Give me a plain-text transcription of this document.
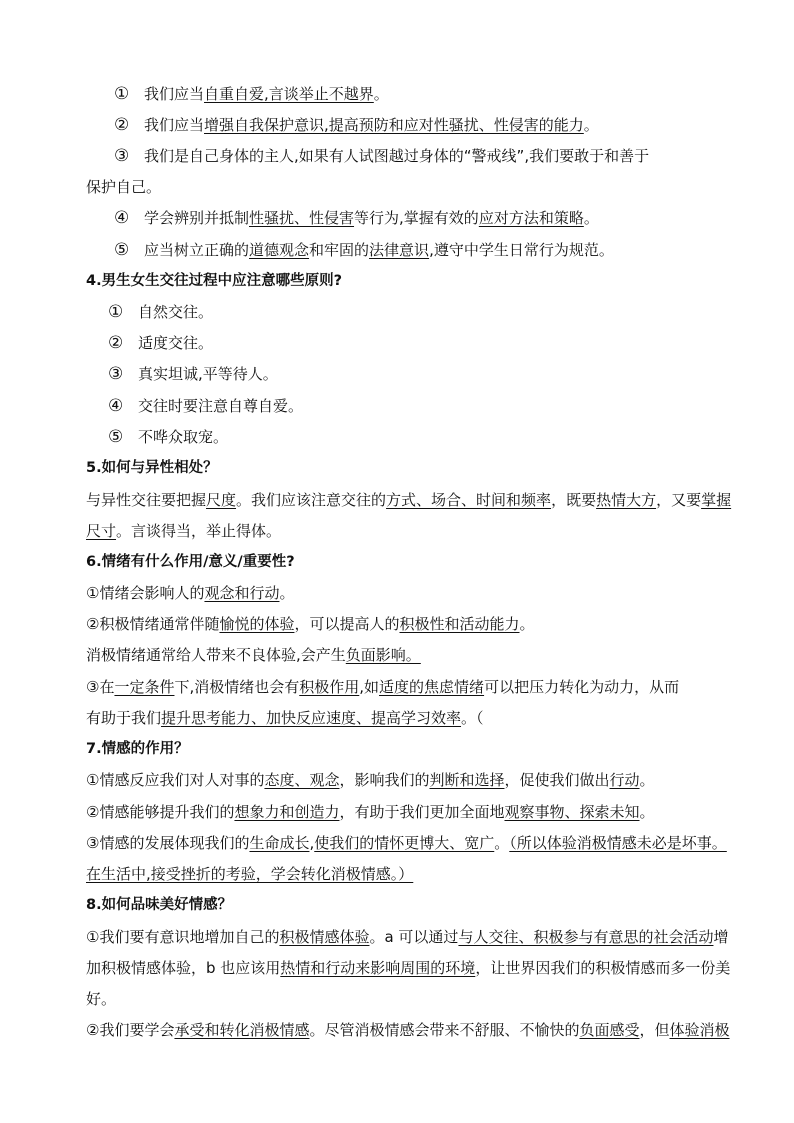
① 我们应当自重自爱,言谈举止不越界。
② 我们应当增强自我保护意识,提高预防和应对性骚扰、性侵害的能力。
③ 我们是自己身体的主人,如果有人试图越过身体的“警戒线”,我们要敢于和善于
保护自己。
④ 学会辨别并抵制性骚扰、性侵害等行为,掌握有效的应对方法和策略。
⑤ 应当树立正确的道德观念和牢固的法律意识,遵守中学生日常行为规范。
4.男生女生交往过程中应注意哪些原则?
① 自然交往。
② 适度交往。
③ 真实坦诚,平等待人。
④ 交往时要注意自尊自爱。
⑤ 不哗众取宠。
5.如何与异性相处？
与异性交往要把握尺度。我们应该注意交往的方式、场合、时间和频率，既要热情大方，又要掌握
尺寸。言谈得当，举止得体。
6.情绪有什么作用/意义/重要性?
①情绪会影响人的观念和行动。
②积极情绪通常伴随愉悦的体验，可以提高人的积极性和活动能力。
消极情绪通常给人带来不良体验,会产生负面影响。
③在一定条件下,消极情绪也会有积极作用,如适度的焦虑情绪可以把压力转化为动力，从而
有助于我们提升思考能力、加快反应速度、提高学习效率。（
7.情感的作用？
①情感反应我们对人对事的态度、观念，影响我们的判断和选择，促使我们做出行动。
②情感能够提升我们的想象力和创造力，有助于我们更加全面地观察事物、探索未知。
③情感的发展体现我们的生命成长,使我们的情怀更博大、宽广。（所以体验消极情感未必是坏事。
在生活中,接受挫折的考验，学会转化消极情感。）
8.如何品味美好情感？
①我们要有意识地增加自己的积极情感体验。a 可以通过与人交往、积极参与有意思的社会活动增
加积极情感体验，b 也应该用热情和行动来影响周围的环境，让世界因我们的积极情感而多一份美
好。
②我们要学会承受和转化消极情感。尽管消极情感会带来不舒服、不愉快的负面感受，但体验消极
